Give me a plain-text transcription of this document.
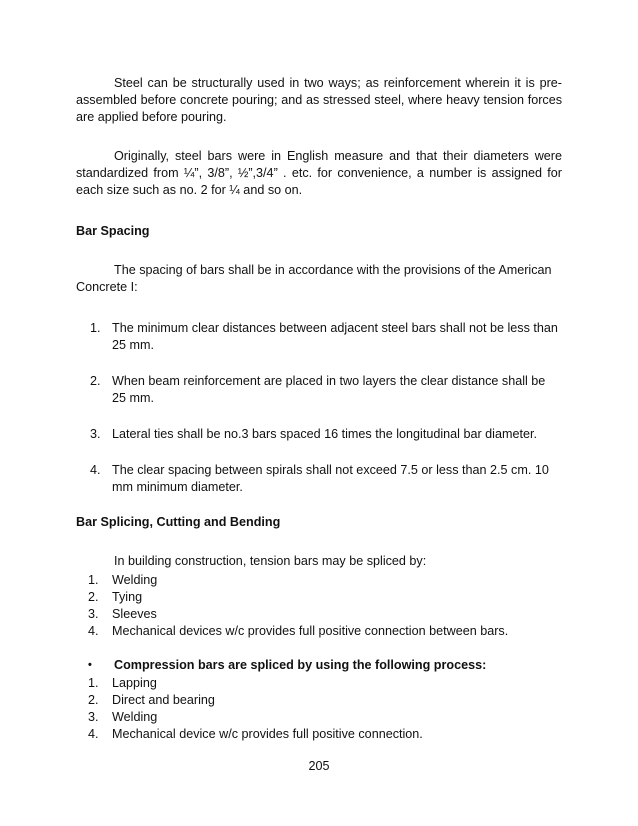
Steel can be structurally used in two ways; as reinforcement wherein it is pre-assembled before concrete pouring; and as stressed steel, where heavy tension forces are applied before pouring.

Originally, steel bars were in English measure and that their diameters were standardized from ¼”, 3/8”, ½”,3/4” . etc. for convenience, a number is assigned for each size such as no. 2 for ¼ and so on.

Bar Spacing

The spacing of bars shall be in accordance with the provisions of the American Concrete I:

1. The minimum clear distances between adjacent steel bars shall not be less than 25 mm.
2. When beam reinforcement are placed in two layers the clear distance shall be 25 mm.
3. Lateral ties shall be no.3 bars spaced 16 times the longitudinal bar diameter.
4. The clear spacing between spirals shall not exceed 7.5 or less than 2.5 cm. 10 mm minimum diameter.

Bar Splicing, Cutting and Bending

In building construction, tension bars may be spliced by:

1.	Welding
2.	Tying
3.	Sleeves
4.	Mechanical devices w/c provides full positive connection between bars.
•	Compression bars are spliced by using the following process:
1.	Lapping
2.	Direct and bearing
3.	Welding
4.	Mechanical device w/c provides full positive connection.
205
